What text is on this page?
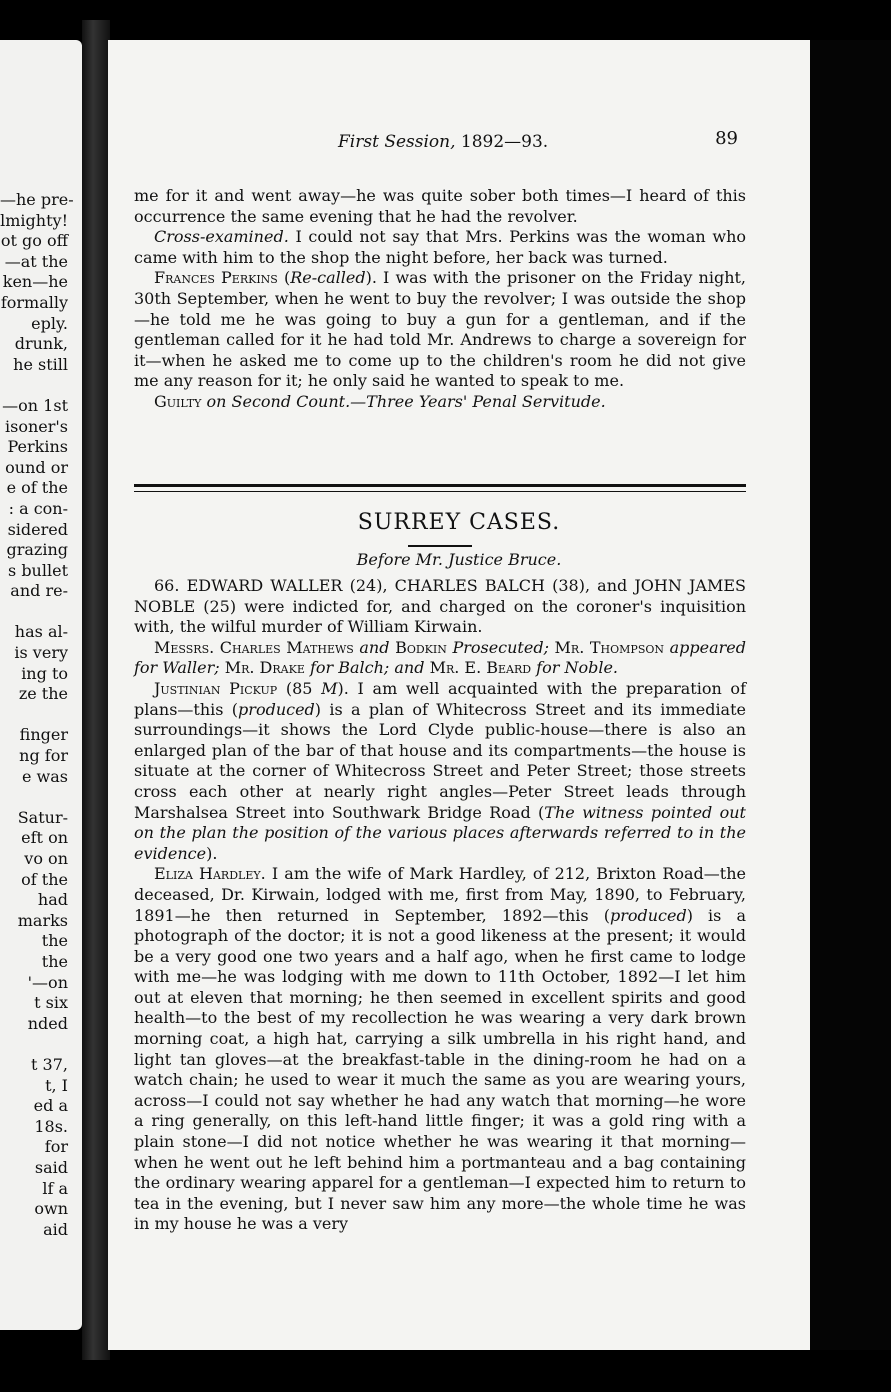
—he pre-
lmighty!
ot go off
—at the
ken—he
formally
eply.
drunk,
he still

—on 1st
isoner's
Perkins
ound or
e of the
: a con-
sidered
grazing
s bullet
and re-

has al-
is very
ing to
ze the

finger
ng for
e was

Satur-
eft on
vo on
of the
had
marks
the
the
'—on
t six
nded

t 37,
t, I
ed a
18s.
for
said
lf a
own
aid
First Session, 1892—93.	89

me for it and went away—he was quite sober both times—I heard of this occurrence the same evening that he had the revolver.

Cross-examined. I could not say that Mrs. Perkins was the woman who came with him to the shop the night before, her back was turned.

Frances Perkins (Re-called). I was with the prisoner on the Friday night, 30th September, when he went to buy the revolver; I was outside the shop—he told me he was going to buy a gun for a gentleman, and if the gentleman called for it he had told Mr. Andrews to charge a sovereign for it—when he asked me to come up to the children's room he did not give me any reason for it; he only said he wanted to speak to me.

Guilty on Second Count.—Three Years' Penal Servitude.

SURREY CASES.
Before Mr. Justice Bruce.

66. EDWARD WALLER (24), CHARLES BALCH (38), and JOHN JAMES NOBLE (25) were indicted for, and charged on the coroner's inquisition with, the wilful murder of William Kirwain.

Messrs. Charles Mathews and Bodkin Prosecuted; Mr. Thompson appeared for Waller; Mr. Drake for Balch; and Mr. E. Beard for Noble.

Justinian Pickup (85 M). I am well acquainted with the preparation of plans—this (produced) is a plan of Whitecross Street and its immediate surroundings—it shows the Lord Clyde public-house—there is also an enlarged plan of the bar of that house and its compartments—the house is situate at the corner of Whitecross Street and Peter Street; those streets cross each other at nearly right angles—Peter Street leads through Marshalsea Street into Southwark Bridge Road (The witness pointed out on the plan the position of the various places afterwards referred to in the evidence).

Eliza Hardley. I am the wife of Mark Hardley, of 212, Brixton Road—the deceased, Dr. Kirwain, lodged with me, first from May, 1890, to February, 1891—he then returned in September, 1892—this (produced) is a photograph of the doctor; it is not a good likeness at the present; it would be a very good one two years and a half ago, when he first came to lodge with me—he was lodging with me down to 11th October, 1892—I let him out at eleven that morning; he then seemed in excellent spirits and good health—to the best of my recollection he was wearing a very dark brown morning coat, a high hat, carrying a silk umbrella in his right hand, and light tan gloves—at the breakfast-table in the dining-room he had on a watch chain; he used to wear it much the same as you are wearing yours, across—I could not say whether he had any watch that morning—he wore a ring generally, on this left-hand little finger; it was a gold ring with a plain stone—I did not notice whether he was wearing it that morning—when he went out he left behind him a portmanteau and a bag containing the ordinary wearing apparel for a gentleman—I expected him to return to tea in the evening, but I never saw him any more—the whole time he was in my house he was a very
